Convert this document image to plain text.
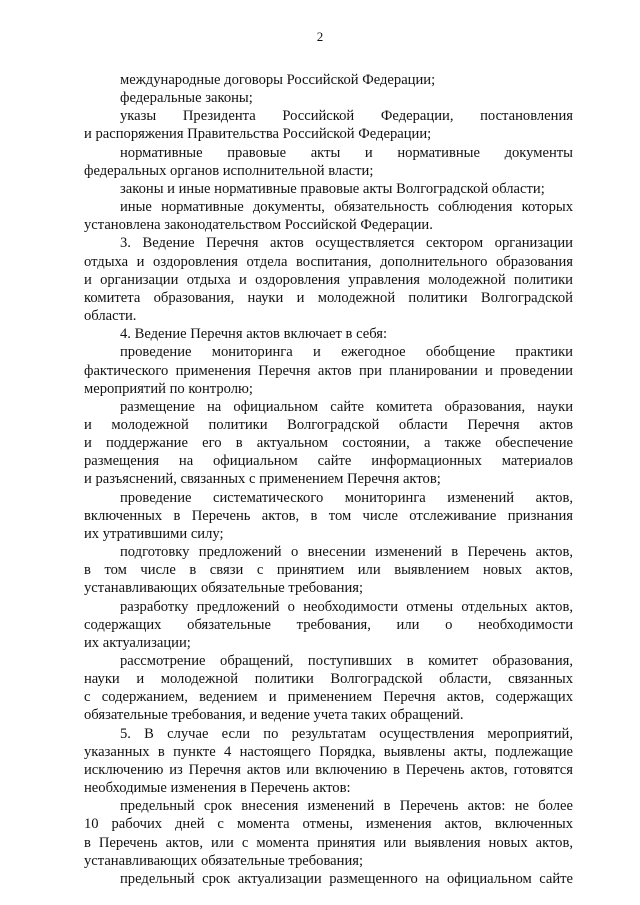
2
международные договоры Российской Федерации;
федеральные законы;
указы Президента Российской Федерации, постановления
и распоряжения Правительства Российской Федерации;
нормативные правовые акты и нормативные документы
федеральных органов исполнительной власти;
законы и иные нормативные правовые акты Волгоградской области;
иные нормативные документы, обязательность соблюдения которых
установлена законодательством Российской Федерации.
3. Ведение Перечня актов осуществляется сектором организации
отдыха и оздоровления отдела воспитания, дополнительного образования
и организации отдыха и оздоровления управления молодежной политики
комитета образования, науки и молодежной политики Волгоградской
области.
4. Ведение Перечня актов включает в себя:
проведение мониторинга и ежегодное обобщение практики
фактического применения Перечня актов при планировании и проведении
мероприятий по контролю;
размещение на официальном сайте комитета образования, науки
и молодежной политики Волгоградской области Перечня актов
и поддержание его в актуальном состоянии, а также обеспечение
размещения на официальном сайте информационных материалов
и разъяснений, связанных с применением Перечня актов;
проведение систематического мониторинга изменений актов,
включенных в Перечень актов, в том числе отслеживание признания
их утратившими силу;
подготовку предложений о внесении изменений в Перечень актов,
в том числе в связи с принятием или выявлением новых актов,
устанавливающих обязательные требования;
разработку предложений о необходимости отмены отдельных актов,
содержащих обязательные требования, или о необходимости
их актуализации;
рассмотрение обращений, поступивших в комитет образования,
науки и молодежной политики Волгоградской области, связанных
с содержанием, ведением и применением Перечня актов, содержащих
обязательные требования, и ведение учета таких обращений.
5. В случае если по результатам осуществления мероприятий,
указанных в пункте 4 настоящего Порядка, выявлены акты, подлежащие
исключению из Перечня актов или включению в Перечень актов, готовятся
необходимые изменения в Перечень актов:
предельный срок внесения изменений в Перечень актов: не более
10 рабочих дней с момента отмены, изменения актов, включенных
в Перечень актов, или с момента принятия или выявления новых актов,
устанавливающих обязательные требования;
предельный срок актуализации размещенного на официальном сайте
